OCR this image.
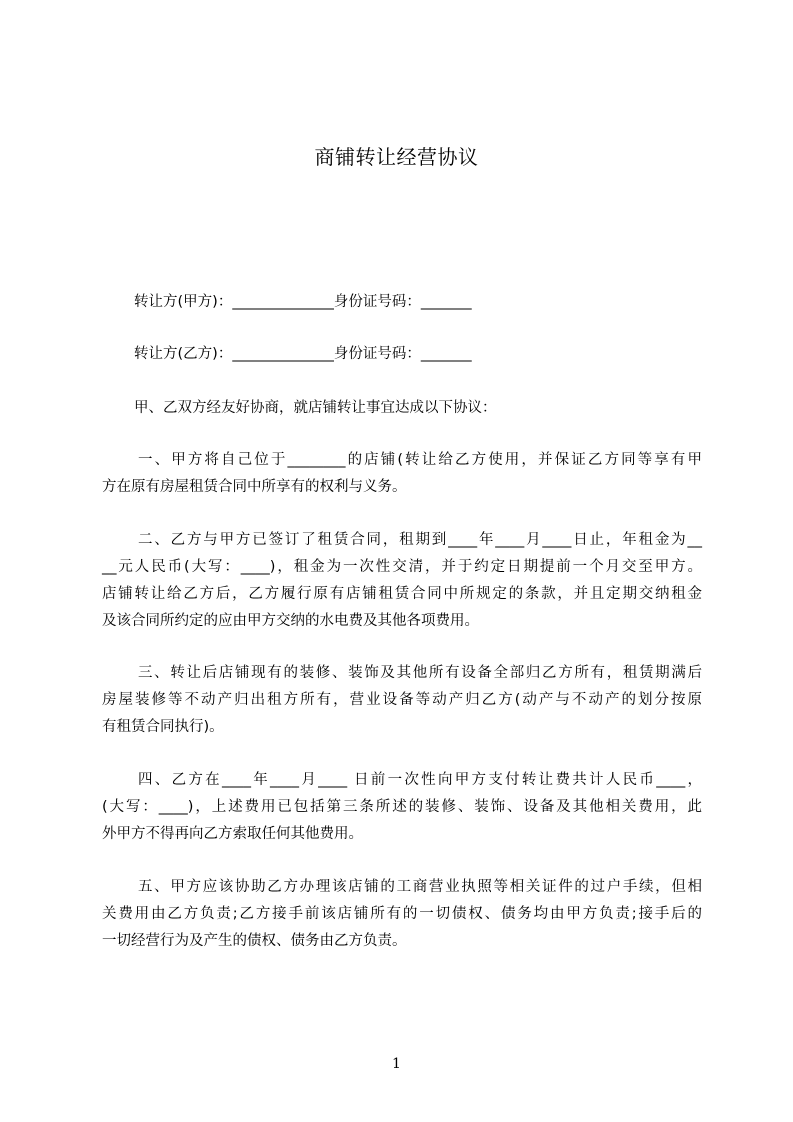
商铺转让经营协议
转让方(甲方)：______________身份证号码：_______
转让方(乙方)：______________身份证号码：_______
甲、乙双方经友好协商，就店铺转让事宜达成以下协议：
一、甲方将自己位于________的店铺(转让给乙方使用，并保证乙方同等享有甲
方在原有房屋租赁合同中所享有的权利与义务。
二、乙方与甲方已签订了租赁合同，租期到____年____月____日止，年租金为__
__元人民币(大写：____)，租金为一次性交清，并于约定日期提前一个月交至甲方。
店铺转让给乙方后，乙方履行原有店铺租赁合同中所规定的条款，并且定期交纳租金
及该合同所约定的应由甲方交纳的水电费及其他各项费用。
三、转让后店铺现有的装修、装饰及其他所有设备全部归乙方所有，租赁期满后
房屋装修等不动产归出租方所有，营业设备等动产归乙方(动产与不动产的划分按原
有租赁合同执行)。
四、乙方在____年____月____ 日前一次性向甲方支付转让费共计人民币____，
(大写：____)，上述费用已包括第三条所述的装修、装饰、设备及其他相关费用，此
外甲方不得再向乙方索取任何其他费用。
五、甲方应该协助乙方办理该店铺的工商营业执照等相关证件的过户手续，但相
关费用由乙方负责;乙方接手前该店铺所有的一切债权、债务均由甲方负责;接手后的
一切经营行为及产生的债权、债务由乙方负责。
1
